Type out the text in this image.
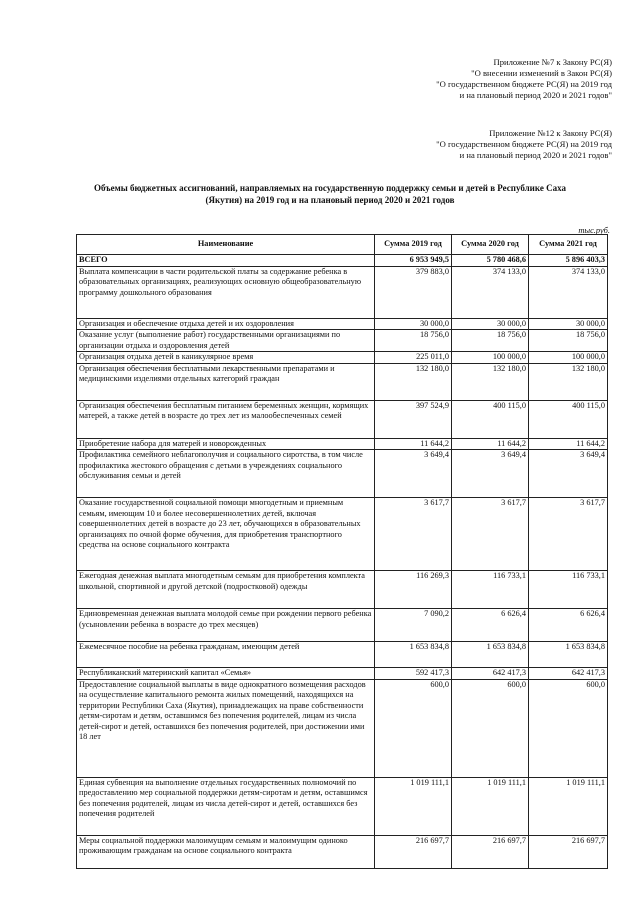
Приложение №7 к Закону РС(Я)
"О внесении изменений в Закон РС(Я)
"О государственном бюджете РС(Я) на 2019 год
и на плановый период 2020 и 2021 годов"
Приложение №12 к Закону РС(Я)
"О государственном бюджете РС(Я) на 2019 год
и на плановый период 2020 и 2021 годов"
Объемы бюджетных ассигнований, направляемых на государственную поддержку семьи и детей в Республике Саха (Якутия) на 2019 год и на плановый период 2020 и 2021 годов
тыс.руб.
Наименование	Сумма 2019 год	Сумма 2020 год	Сумма 2021 год
ВСЕГО	6 953 949,5	5 780 468,6	5 896 403,3
Выплата компенсации в части родительской платы за содержание ребенка в образовательных организациях, реализующих основную общеобразовательную программу дошкольного образования	379 883,0	374 133,0	374 133,0
Организация и обеспечение отдыха детей и их оздоровления	30 000,0	30 000,0	30 000,0
Оказание услуг (выполнение работ) государственными организациями по организации отдыха и оздоровления детей	18 756,0	18 756,0	18 756,0
Организация отдыха детей в каникулярное время	225 011,0	100 000,0	100 000,0
Организация обеспечения бесплатными лекарственными препаратами и медицинскими изделиями отдельных категорий граждан	132 180,0	132 180,0	132 180,0
Организация обеспечения бесплатным питанием беременных женщин, кормящих матерей, а также детей в возрасте до трех лет из малообеспеченных семей	397 524,9	400 115,0	400 115,0
Приобретение набора для матерей и новорожденных	11 644,2	11 644,2	11 644,2
Профилактика семейного неблагополучия и социального сиротства, в том числе профилактика жестокого обращения с детьми в учреждениях социального обслуживания семьи и детей	3 649,4	3 649,4	3 649,4
Оказание государственной социальной помощи многодетным и приемным семьям, имеющим 10 и более несовершеннолетних детей, включая совершеннолетних детей в возрасте до 23 лет, обучающихся в образовательных организациях по очной форме обучения, для приобретения транспортного средства на основе социального контракта	3 617,7	3 617,7	3 617,7
Ежегодная денежная выплата многодетным семьям для приобретения комплекта школьной, спортивной и другой детской (подростковой) одежды	116 269,3	116 733,1	116 733,1
Единовременная денежная выплата молодой семье при рождении первого ребенка (усыновлении ребенка в возрасте до трех месяцев)	7 090,2	6 626,4	6 626,4
Ежемесячное пособие на ребенка гражданам, имеющим детей	1 653 834,8	1 653 834,8	1 653 834,8
Республиканский материнский капитал «Семья»	592 417,3	642 417,3	642 417,3
Предоставление социальной выплаты в виде однократного возмещения расходов на осуществление капитального ремонта жилых помещений, находящихся на территории Республики Саха (Якутия), принадлежащих на праве собственности детям-сиротам и детям, оставшимся без попечения родителей, лицам из числа детей-сирот и детей, оставшихся без попечения родителей, при достижении ими 18 лет	600,0	600,0	600,0
Единая субвенция на выполнение отдельных государственных полномочий по предоставлению мер социальной поддержки детям-сиротам и детям, оставшимся без попечения родителей, лицам из числа детей-сирот и детей, оставшихся без попечения родителей	1 019 111,1	1 019 111,1	1 019 111,1
Меры социальной поддержки малоимущим семьям и малоимущим одиноко проживающим гражданам на основе социального контракта	216 697,7	216 697,7	216 697,7
